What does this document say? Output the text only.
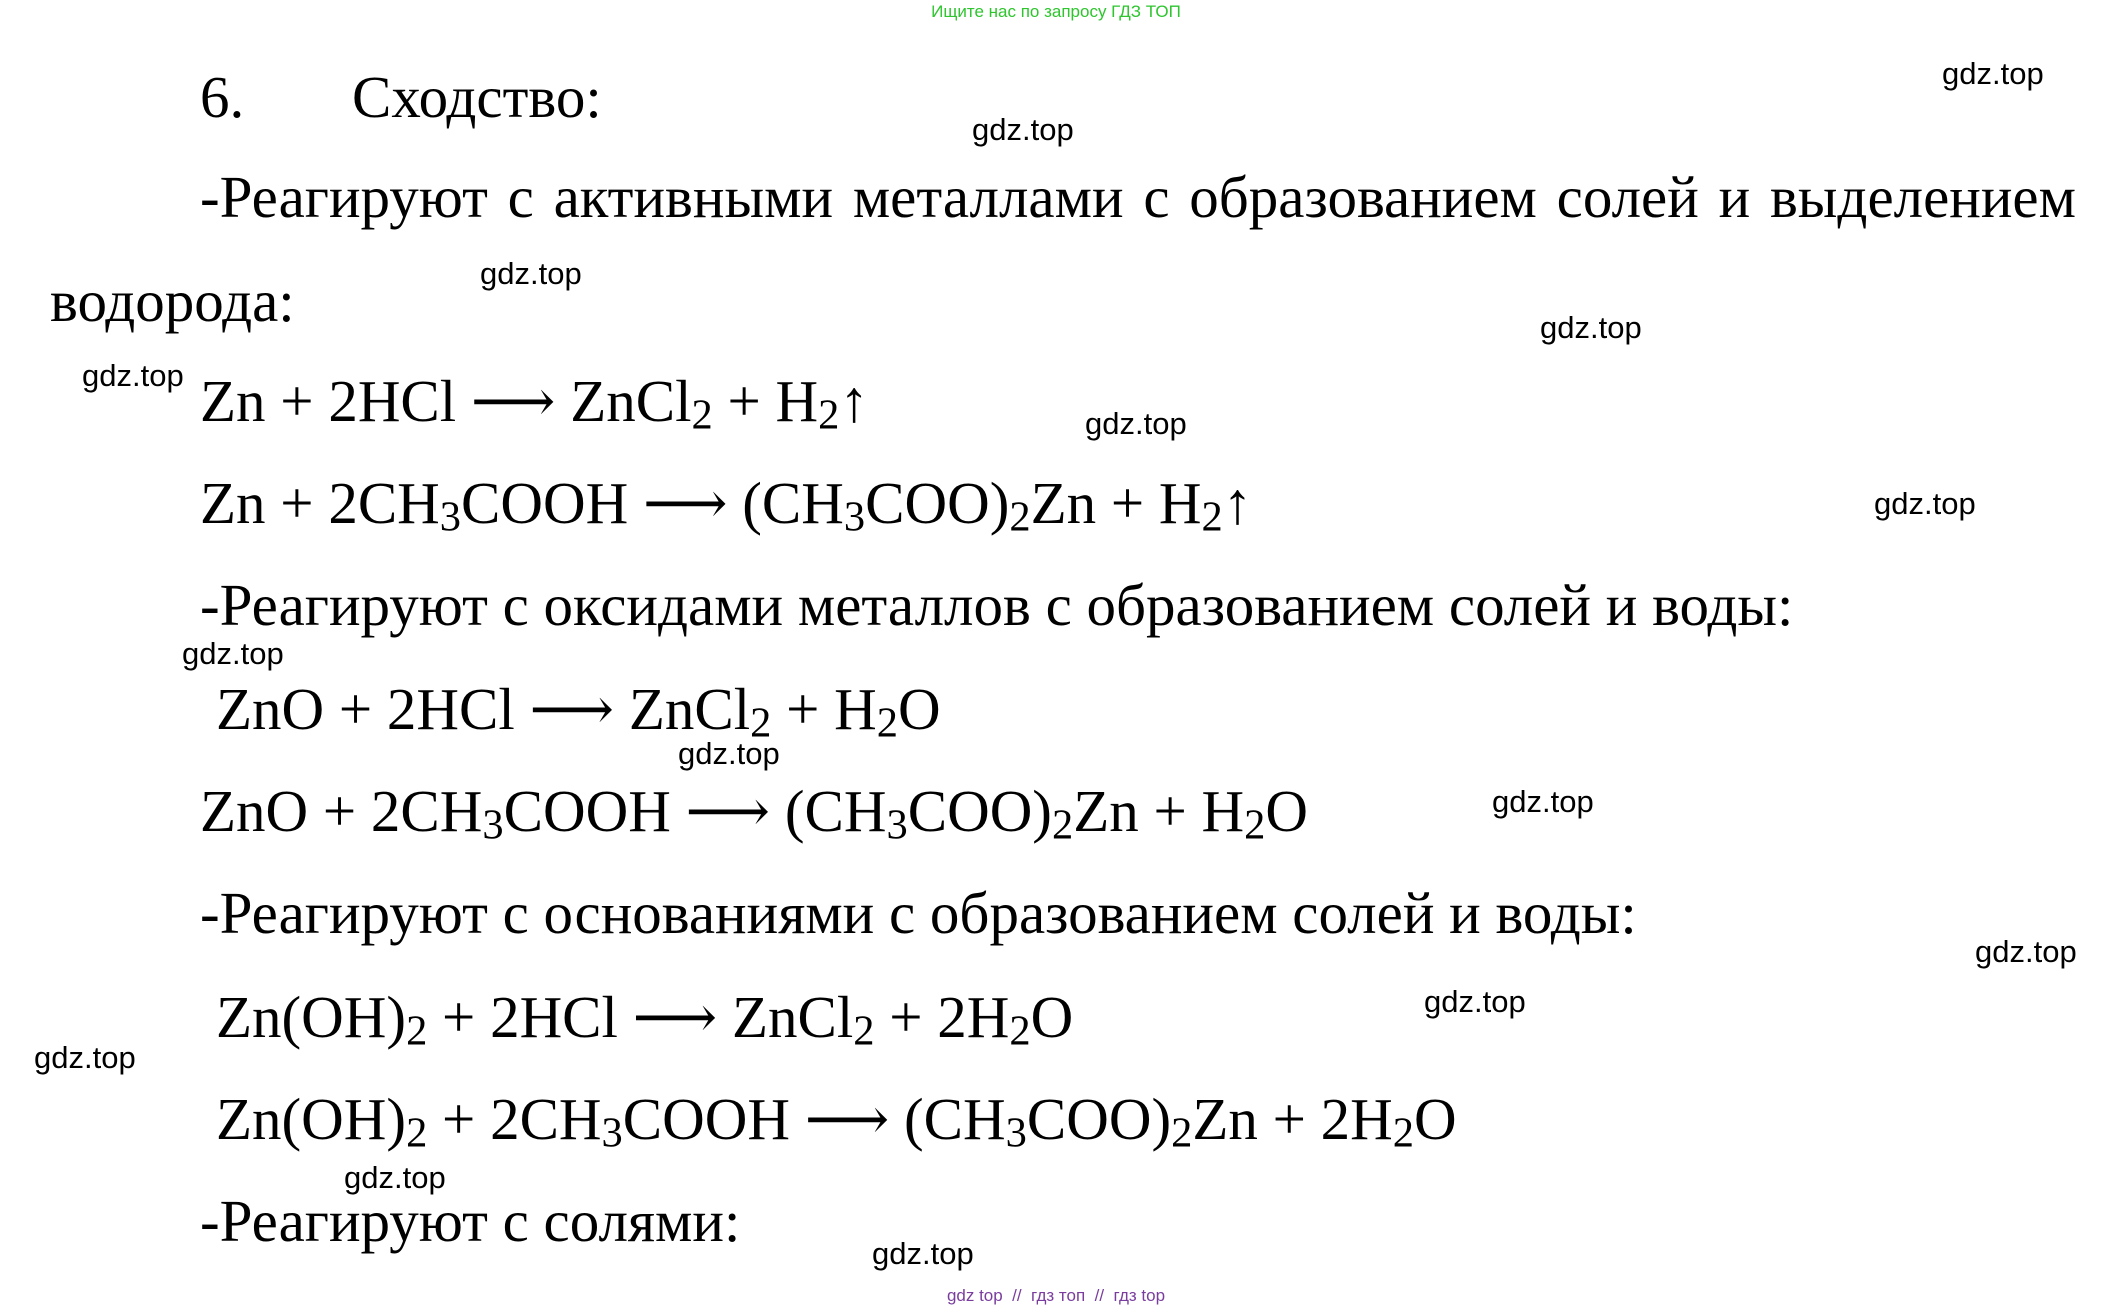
Ищите нас по запросу ГДЗ ТОП
6. Сходство:
-Реагируют с активными металлами с образованием солей и выделением
водорода:
Zn + 2HCl ⟶ ZnCl$_2$ + $H_2↑$
$Zn + 2CH_3COOH$ ⟶ $(CH_3COO)_2Zn$ + $H_2↑$
-Реагируют с оксидами металлов с образованием солей и воды:
ZnO + 2HCl ⟶ ZnCl$_2$ + $H_2O$
ZnO + $2CH_3COOH$ ⟶ $(CH_3COO)_2Zn + H_2O$
-Реагируют с основаниями с образованием солей и воды:
$Zn(OH)_2 + 2HCl$ ⟶ ZnCl$_2$ + $2H_2O$
$Zn(OH)_2$ + $2CH_3COOH$ ⟶ $(CH_3COO)_2Zn + 2H_2O$
-Реагируют с солями:
gdz.top
gdz.top
gdz.top
gdz.top
gdz.top
gdz.top
gdz.top
gdz.top
gdz.top
gdz.top
gdz.top
gdz.top
gdz.top
gdz.top
gdz.top
gdz top  //  гдз топ  //  гдз top
